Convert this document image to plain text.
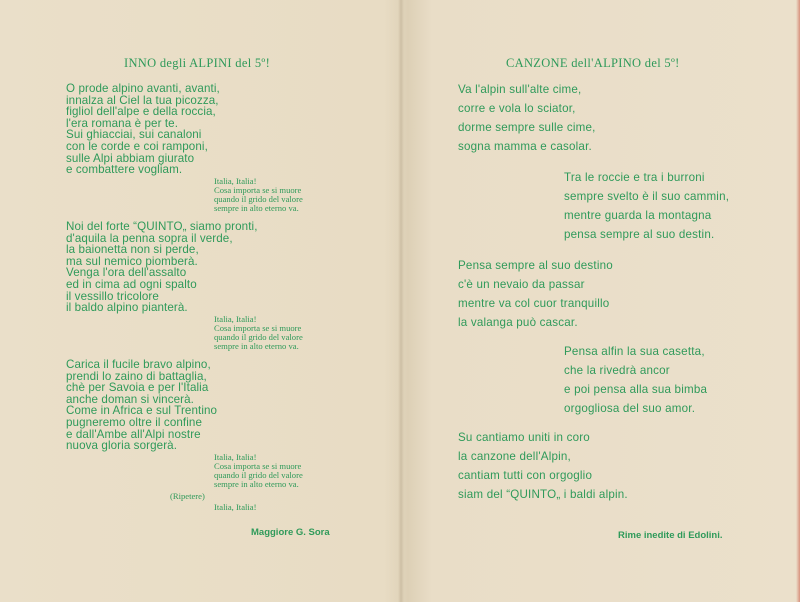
INNO degli ALPINI del 5º!
O prode alpino avanti, avanti,
innalza al Ciel la tua picozza,
figliol dell'alpe e della roccia,
l'era romana è per te.
Sui ghiacciai, sui canaloni
con le corde e coi ramponi,
sulle Alpi abbiam giurato
e combattere vogliam.
Italia, Italia!
Cosa importa se si muore
quando il grido del valore
sempre in alto eterno va.
Noi del forte “QUINTO„ siamo pronti,
d'aquila la penna sopra il verde,
la baionetta non si perde,
ma sul nemico piomberà.
Venga l'ora dell'assalto
ed in cima ad ogni spalto
il vessillo tricolore
il baldo alpino pianterà.
Italia, Italia!
Cosa importa se si muore
quando il grido del valore
sempre in alto eterno va.
Carica il fucile bravo alpino,
prendi lo zaino di battaglia,
chè per Savoia e per l'Italia
anche doman si vincerà.
Come in Africa e sul Trentino
pugneremo oltre il confine
e dall'Ambe all'Alpi nostre
nuova gloria sorgerà.
Italia, Italia!
Cosa importa se si muore
quando il grido del valore
sempre in alto eterno va.
(Ripetere)
Italia, Italia!
Maggiore G. Sora
CANZONE dell'ALPINO del 5º!
Va l'alpin sull'alte cime,
corre e vola lo sciator,
dorme sempre sulle cime,
sogna mamma e casolar.
Tra le roccie e tra i burroni
sempre svelto è il suo cammin,
mentre guarda la montagna
pensa sempre al suo destin.
Pensa sempre al suo destino
c'è un nevaio da passar
mentre va col cuor tranquillo
la valanga può cascar.
Pensa alfin la sua casetta,
che la rivedrà ancor
e poi pensa alla sua bimba
orgogliosa del suo amor.
Su cantiamo uniti in coro
la canzone dell'Alpin,
cantiam tutti con orgoglio
siam del “QUINTO„ i baldi alpin.
Rime inedite di Edolini.
